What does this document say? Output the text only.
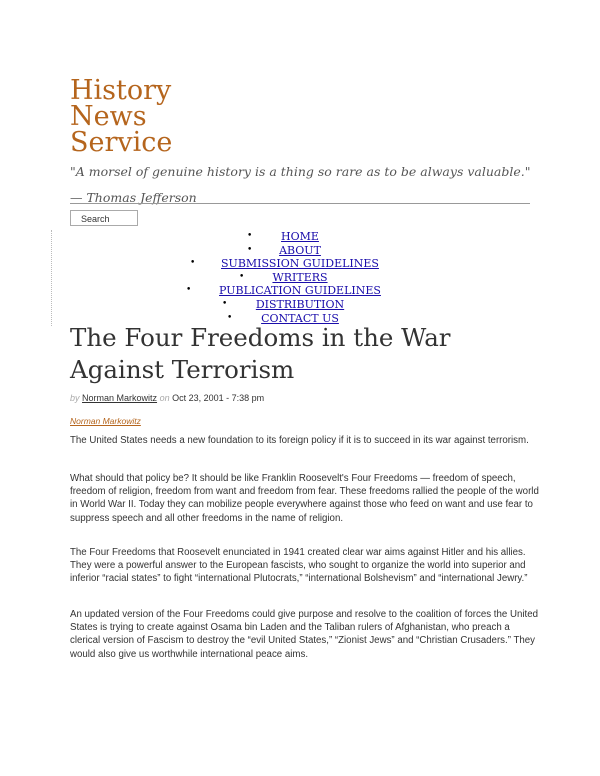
History
News
Service
"A morsel of genuine history is a thing so rare as to be always valuable."
— Thomas Jefferson
Search
•	HOME
•	ABOUT
•	SUBMISSION GUIDELINES
•	WRITERS
•	PUBLICATION GUIDELINES
•	DISTRIBUTION
•	CONTACT US
The Four Freedoms in the War
Against Terrorism
by Norman Markowitz on Oct 23, 2001 - 7:38 pm
Norman Markowitz

The United States needs a new foundation to its foreign policy if it is to succeed in its war against terrorism.

What should that policy be? It should be like Franklin Roosevelt's Four Freedoms — freedom of speech, freedom of religion, freedom from want and freedom from fear. These freedoms rallied the people of the world in World War II. Today they can mobilize people everywhere against those who feed on want and use fear to suppress speech and all other freedoms in the name of religion.

The Four Freedoms that Roosevelt enunciated in 1941 created clear war aims against Hitler and his allies. They were a powerful answer to the European fascists, who sought to organize the world into superior and inferior “racial states” to fight “international Plutocrats,” “international Bolshevism” and “international Jewry.”

An updated version of the Four Freedoms could give purpose and resolve to the coalition of forces the United States is trying to create against Osama bin Laden and the Taliban rulers of Afghanistan, who preach a clerical version of Fascism to destroy the “evil United States,” “Zionist Jews” and “Christian Crusaders.” They would also give us worthwhile international peace aims.
